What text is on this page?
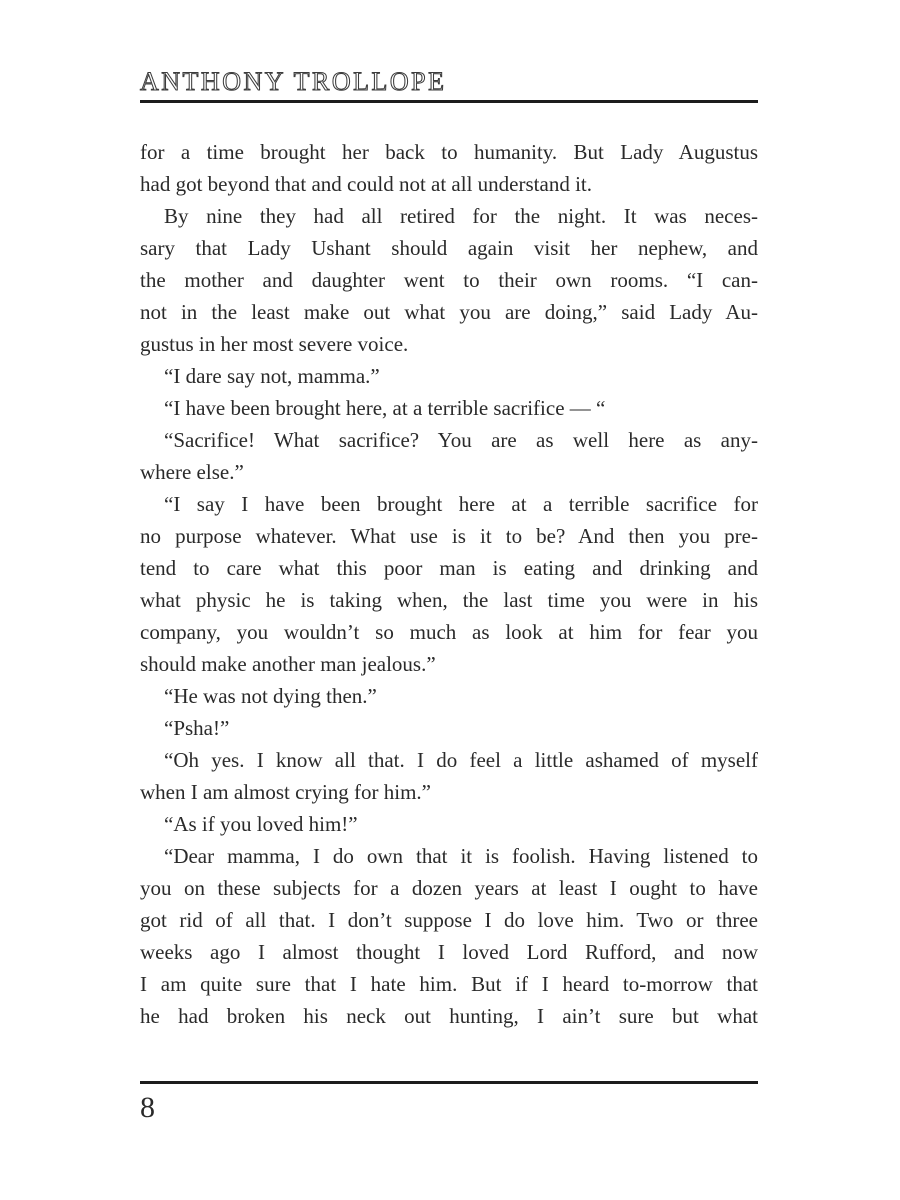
ANTHONY TROLLOPE
for a time brought her back to humanity. But Lady Augustus
had got beyond that and could not at all understand it.
By nine they had all retired for the night. It was neces-
sary that Lady Ushant should again visit her nephew, and
the mother and daughter went to their own rooms. “I can-
not in the least make out what you are doing,” said Lady Au-
gustus in her most severe voice.
“I dare say not, mamma.”
“I have been brought here, at a terrible sacrifice — “
“Sacrifice! What sacrifice? You are as well here as any-
where else.”
“I say I have been brought here at a terrible sacrifice for
no purpose whatever. What use is it to be? And then you pre-
tend to care what this poor man is eating and drinking and
what physic he is taking when, the last time you were in his
company, you wouldn’t so much as look at him for fear you
should make another man jealous.”
“He was not dying then.”
“Psha!”
“Oh yes. I know all that. I do feel a little ashamed of myself
when I am almost crying for him.”
“As if you loved him!”
“Dear mamma, I do own that it is foolish. Having listened to
you on these subjects for a dozen years at least I ought to have
got rid of all that. I don’t suppose I do love him. Two or three
weeks ago I almost thought I loved Lord Rufford, and now
I am quite sure that I hate him. But if I heard to-morrow that
he had broken his neck out hunting, I ain’t sure but what
8
